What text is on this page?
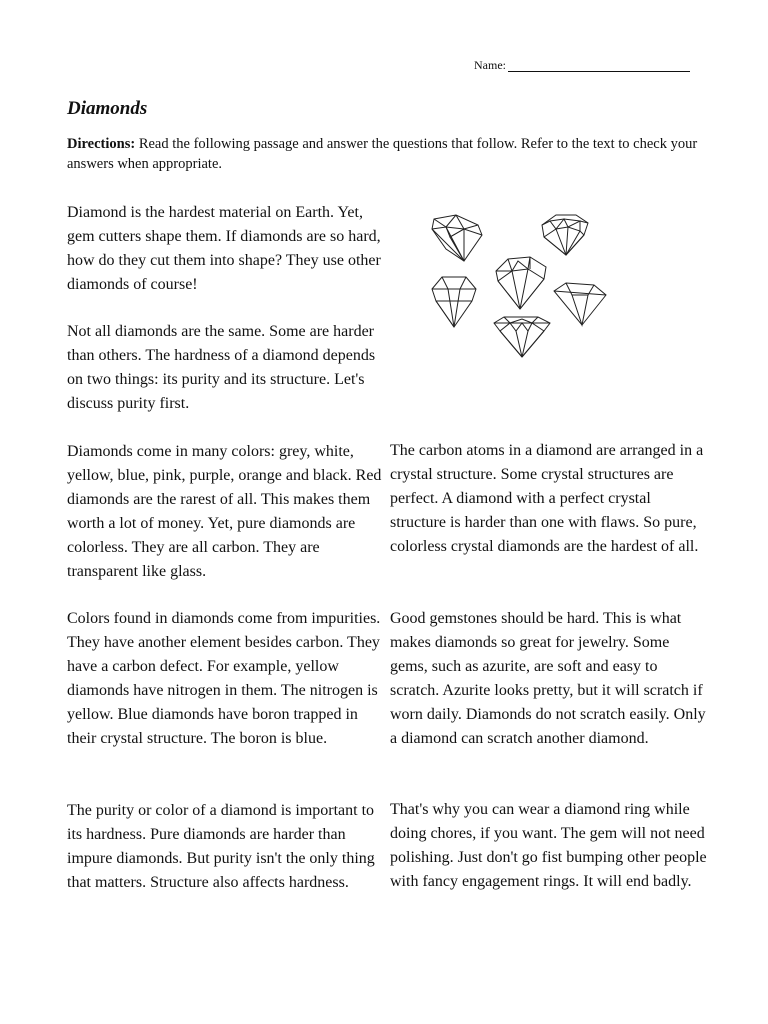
Name:
Diamonds
Directions: Read the following passage and answer the questions that follow. Refer to the text to check your answers when appropriate.

Diamond is the hardest material on Earth. Yet, gem cutters shape them. If diamonds are so hard, how do they cut them into shape? They use other diamonds of course!

Not all diamonds are the same. Some are harder than others. The hardness of a diamond depends on two things: its purity and its structure. Let's discuss purity first.

Diamonds come in many colors: grey, white, yellow, blue, pink, purple, orange and black. Red diamonds are the rarest of all. This makes them worth a lot of money. Yet, pure diamonds are colorless. They are all carbon. They are transparent like glass.

Colors found in diamonds come from impurities. They have another element besides carbon. They have a carbon defect. For example, yellow diamonds have nitrogen in them. The nitrogen is yellow. Blue diamonds have boron trapped in their crystal structure. The boron is blue.

The purity or color of a diamond is important to its hardness. Pure diamonds are harder than impure diamonds. But purity isn't the only thing that matters. Structure also affects hardness.

The carbon atoms in a diamond are arranged in a crystal structure. Some crystal structures are perfect. A diamond with a perfect crystal structure is harder than one with flaws. So pure, colorless crystal diamonds are the hardest of all.

Good gemstones should be hard. This is what makes diamonds so great for jewelry. Some gems, such as azurite, are soft and easy to scratch. Azurite looks pretty, but it will scratch if worn daily. Diamonds do not scratch easily. Only a diamond can scratch another diamond.

That's why you can wear a diamond ring while doing chores, if you want. The gem will not need polishing. Just don't go fist bumping other people with fancy engagement rings. It will end badly.
